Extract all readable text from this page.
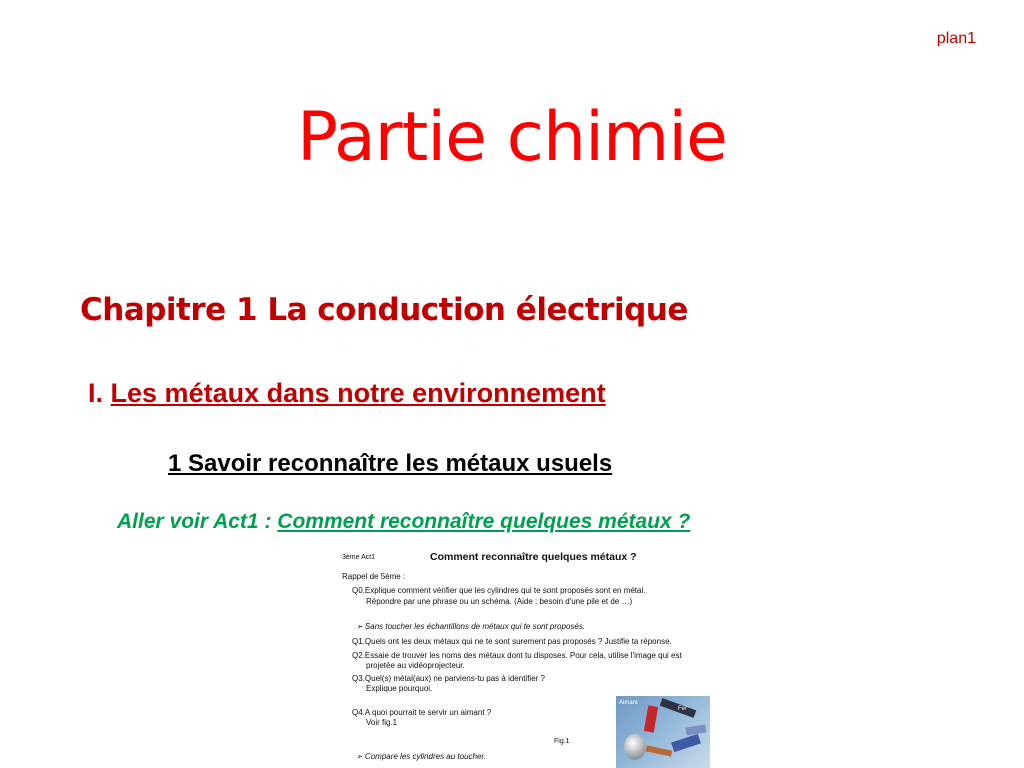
plan1
Partie chimie
Chapitre 1 La conduction électrique
I. Les métaux dans notre environnement
1 Savoir reconnaître les métaux usuels
Aller voir Act1 : Comment reconnaître quelques métaux ?
3ème Act1	Comment reconnaître quelques métaux ?
Rappel de 5ème :
Q0.Explique comment vérifier que les cylindres qui te sont proposés sont en métal.
Répondre par une phrase ou un schéma. (Aide : besoin d'une pile et de …)
➢ Sans toucher les échantillons de métaux qui te sont proposés.
Q1.Quels ont les deux métaux qui ne te sont surement pas proposés ? Justifie ta réponse.
Q2.Essaie de trouver les noms des métaux dont tu disposes. Pour cela, utilise l'image qui est
projetée au vidéoprojecteur.
Q3.Quel(s) métal(aux) ne parviens-tu pas à identifier ?
Explique pourquoi.
Q4.A quoi pourrait te servir un aimant ?
Voir fig.1
Fig.1
➢ Compare les cylindres au toucher.
Aimant
Fer
